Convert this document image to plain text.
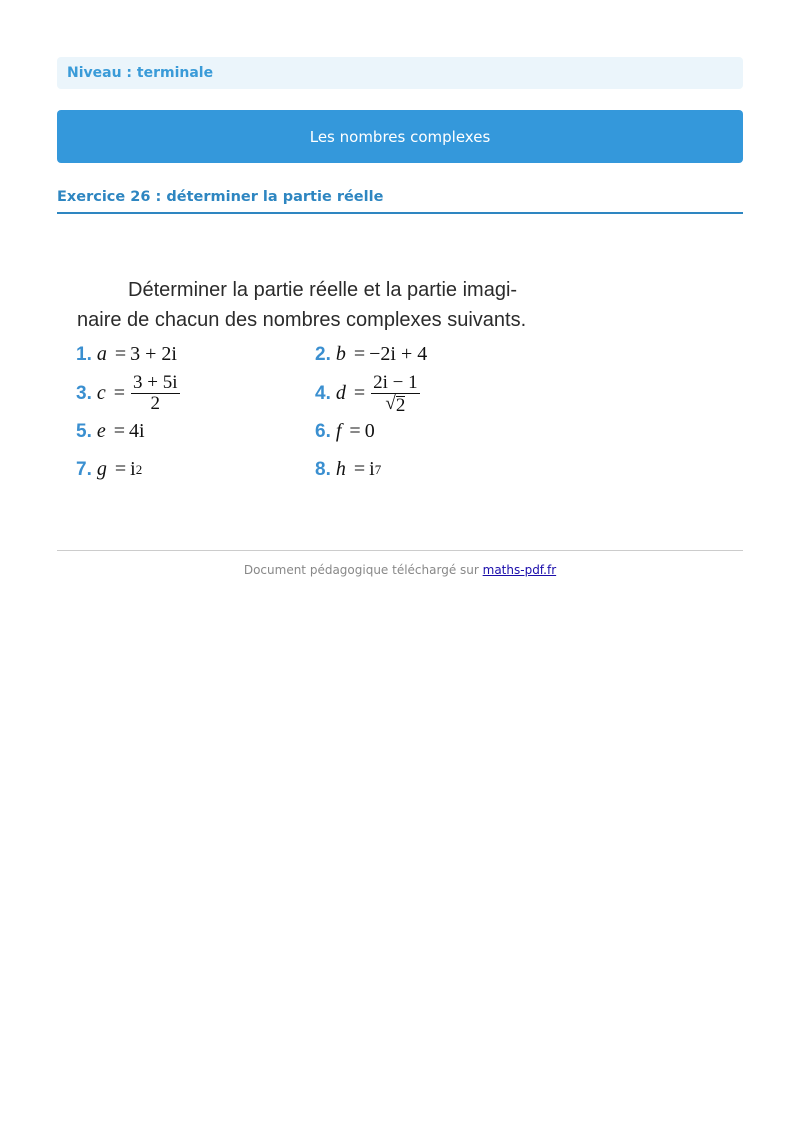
Niveau : terminale
Les nombres complexes
Exercice 26 : déterminer la partie réelle
Déterminer la partie réelle et la partie imagi-
naire de chacun des nombres complexes suivants.
1. a = 3 + 2i	2. b = −2i + 4
3. $c = \frac{3 + 5i}{2}$	4. $d = \frac{2i - 1}{√ 2}$
5. e = 4i	6. f = 0
7. g = i 2	8. h = i 7
Document pédagogique téléchargé sur maths-pdf.fr
